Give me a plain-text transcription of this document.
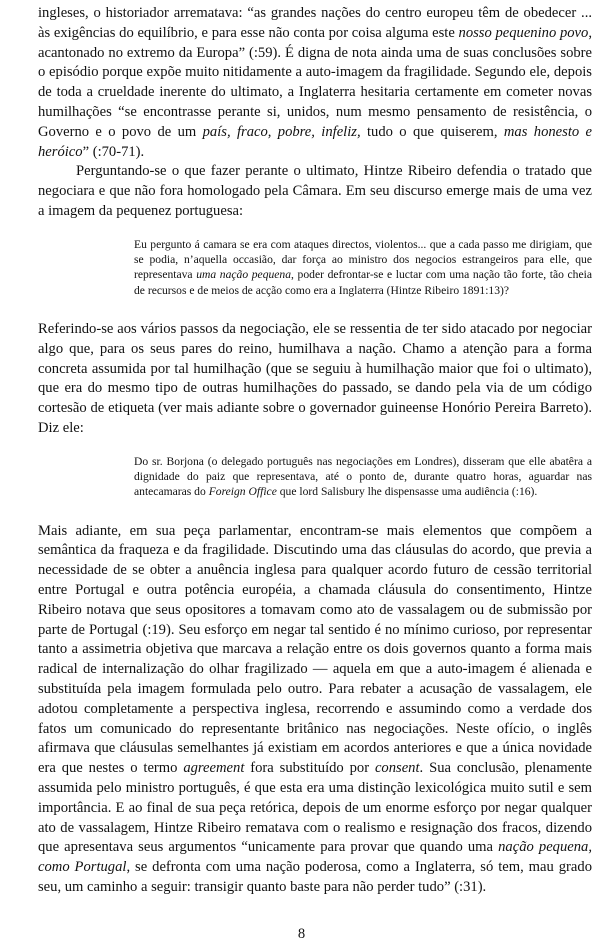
ingleses, o historiador arrematava: “as grandes nações do centro europeu têm de obedecer ... às exigências do equilíbrio, e para esse não conta por coisa alguma este nosso pequenino povo, acantonado no extremo da Europa” (:59). É digna de nota ainda uma de suas conclusões sobre o episódio porque expõe muito nitidamente a auto-imagem da fragilidade. Segundo ele, depois de toda a crueldade inerente do ultimato, a Inglaterra hesitaria certamente em cometer novas humilhações “se encontrasse perante si, unidos, num mesmo pensamento de resistência, o Governo e o povo de um país, fraco, pobre, infeliz, tudo o que quiserem, mas honesto e heróico” (:70-71).

Perguntando-se o que fazer perante o ultimato, Hintze Ribeiro defendia o tratado que negociara e que não fora homologado pela Câmara. Em seu discurso emerge mais de uma vez a imagem da pequenez portuguesa:

Eu pergunto á camara se era com ataques directos, violentos... que a cada passo me dirigiam, que se podia, n’aquella occasião, dar força ao ministro dos negocios estrangeiros para elle, que representava uma nação pequena, poder defrontar-se e luctar com uma nação tão forte, tão cheia de recursos e de meios de acção como era a Inglaterra (Hintze Ribeiro 1891:13)?

Referindo-se aos vários passos da negociação, ele se ressentia de ter sido atacado por negociar algo que, para os seus pares do reino, humilhava a nação. Chamo a atenção para a forma concreta assumida por tal humilhação (que se seguiu à humilhação maior que foi o ultimato), que era do mesmo tipo de outras humilhações do passado, se dando pela via de um código cortesão de etiqueta (ver mais adiante sobre o governador guineense Honório Pereira Barreto). Diz ele:

Do sr. Borjona (o delegado português nas negociações em Londres), disseram que elle abatêra a dignidade do paiz que representava, até o ponto de, durante quatro horas, aguardar nas antecamaras do Foreign Office que lord Salisbury lhe dispensasse uma audiência (:16).

Mais adiante, em sua peça parlamentar, encontram-se mais elementos que compõem a semântica da fraqueza e da fragilidade. Discutindo uma das cláusulas do acordo, que previa a necessidade de se obter a anuência inglesa para qualquer acordo futuro de cessão territorial entre Portugal e outra potência européia, a chamada cláusula do consentimento, Hintze Ribeiro notava que seus opositores a tomavam como ato de vassalagem ou de submissão por parte de Portugal (:19). Seu esforço em negar tal sentido é no mínimo curioso, por representar tanto a assimetria objetiva que marcava a relação entre os dois governos quanto a forma mais radical de internalização do olhar fragilizado — aquela em que a auto-imagem é alienada e substituída pela imagem formulada pelo outro. Para rebater a acusação de vassalagem, ele adotou completamente a perspectiva inglesa, recorrendo e assumindo como a verdade dos fatos um comunicado do representante britânico nas negociações. Neste ofício, o inglês afirmava que cláusulas semelhantes já existiam em acordos anteriores e que a única novidade era que nestes o termo agreement fora substituído por consent. Sua conclusão, plenamente assumida pelo ministro português, é que esta era uma distinção lexicológica muito sutil e sem importância. E ao final de sua peça retórica, depois de um enorme esforço por negar qualquer ato de vassalagem, Hintze Ribeiro rematava com o realismo e resignação dos fracos, dizendo que apresentava seus argumentos “unicamente para provar que quando uma nação pequena, como Portugal, se defronta com uma nação poderosa, como a Inglaterra, só tem, mau grado seu, um caminho a seguir: transigir quanto baste para não perder tudo” (:31).

8
